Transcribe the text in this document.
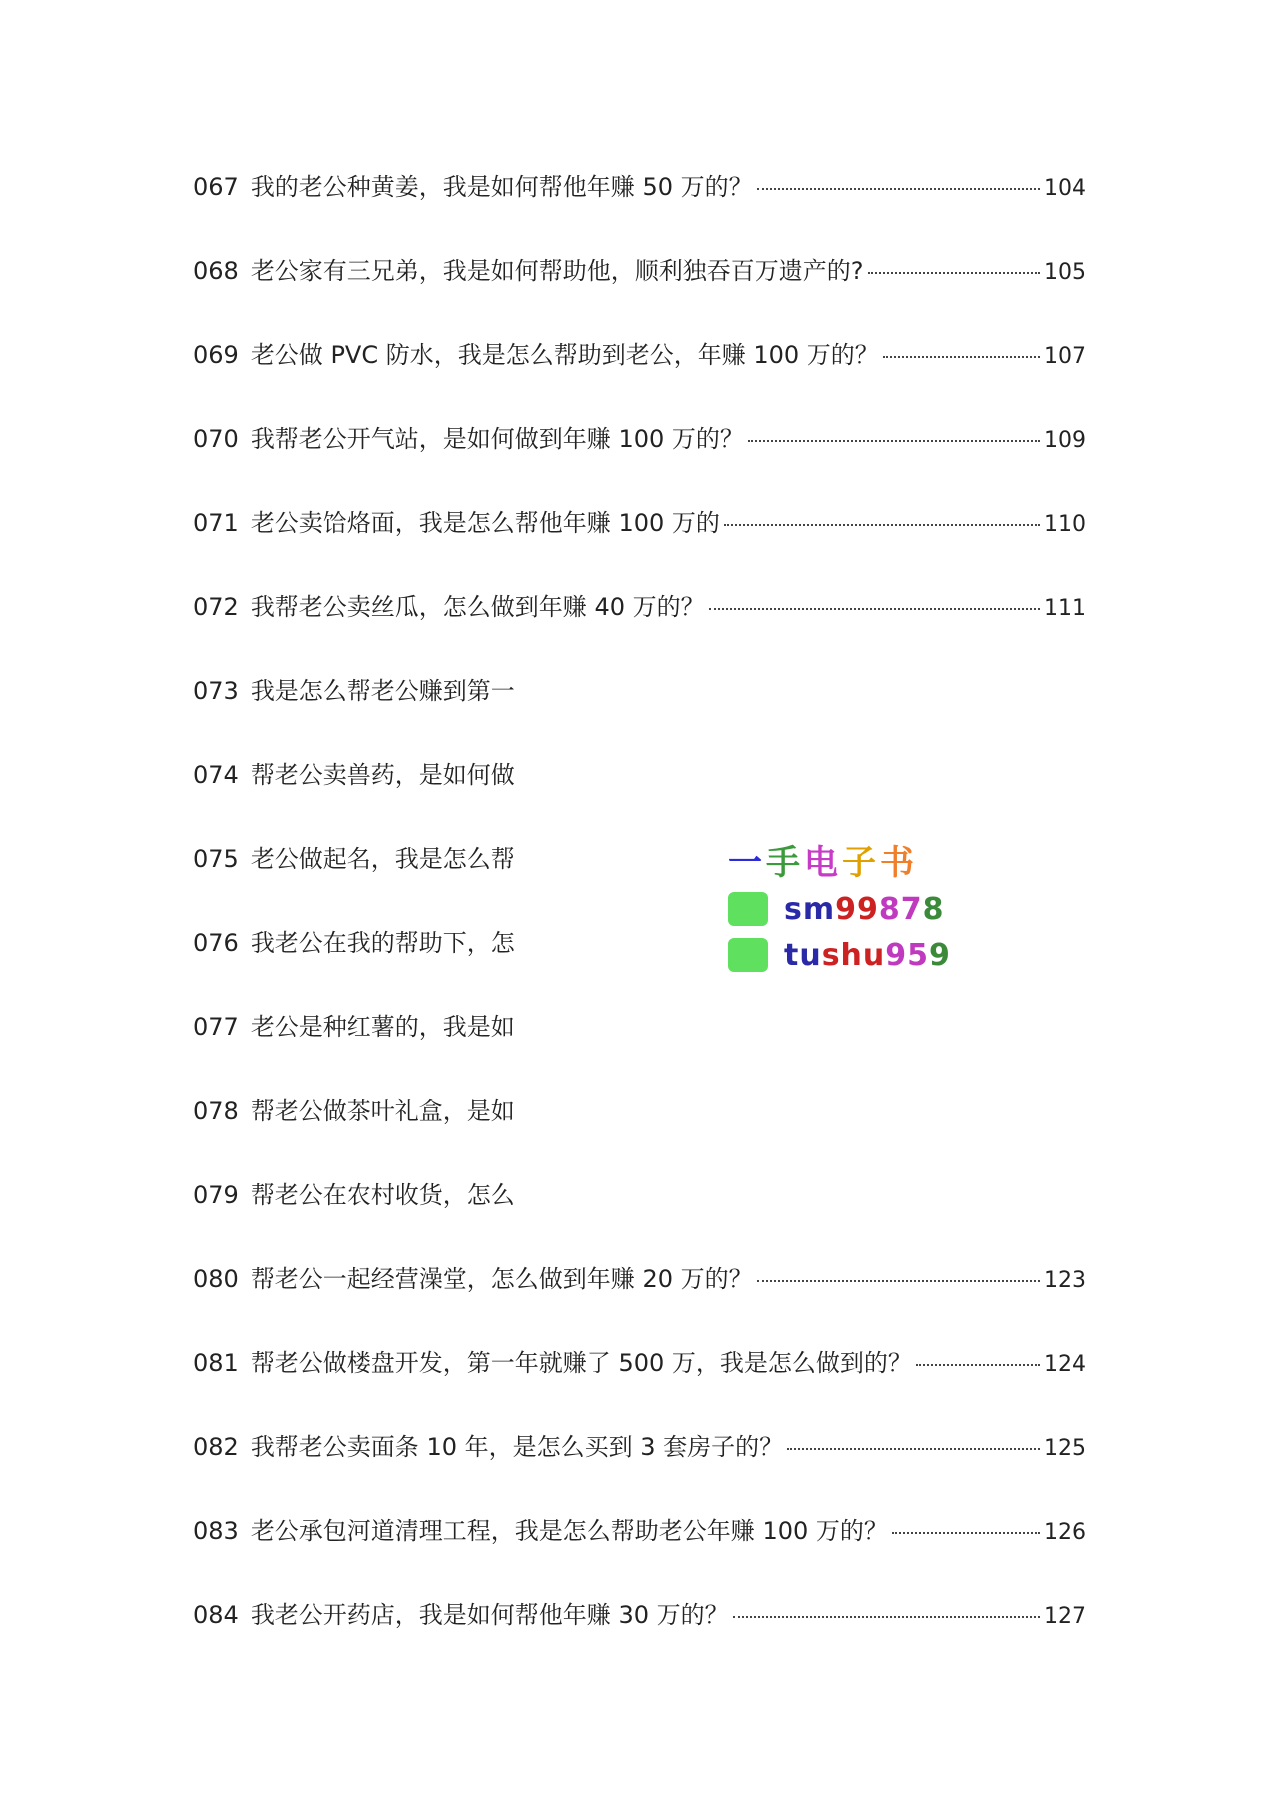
067 我的老公种黄姜，我是如何帮他年赚 50 万的？	104
068 老公家有三兄弟，我是如何帮助他，顺利独吞百万遗产的?	105
069 老公做 PVC 防水，我是怎么帮助到老公，年赚 100 万的？	107
070 我帮老公开气站，是如何做到年赚 100 万的？	109
071 老公卖饸烙面，我是怎么帮他年赚 100 万的	110
072 我帮老公卖丝瓜，怎么做到年赚 40 万的？	111
073 我是怎么帮老公赚到第一
074 帮老公卖兽药，是如何做
075 老公做起名，我是怎么帮
076 我老公在我的帮助下，怎
077 老公是种红薯的，我是如
078 帮老公做茶叶礼盒，是如
079 帮老公在农村收货，怎么
080 帮老公一起经营澡堂，怎么做到年赚 20 万的？	123
081 帮老公做楼盘开发，第一年就赚了 500 万，我是怎么做到的？	124
082 我帮老公卖面条 10 年，是怎么买到 3 套房子的？	125
083 老公承包河道清理工程，我是怎么帮助老公年赚 100 万的？	126
084 我老公开药店，我是如何帮他年赚 30 万的？	127
一手电子书
sm99878
tushu959
